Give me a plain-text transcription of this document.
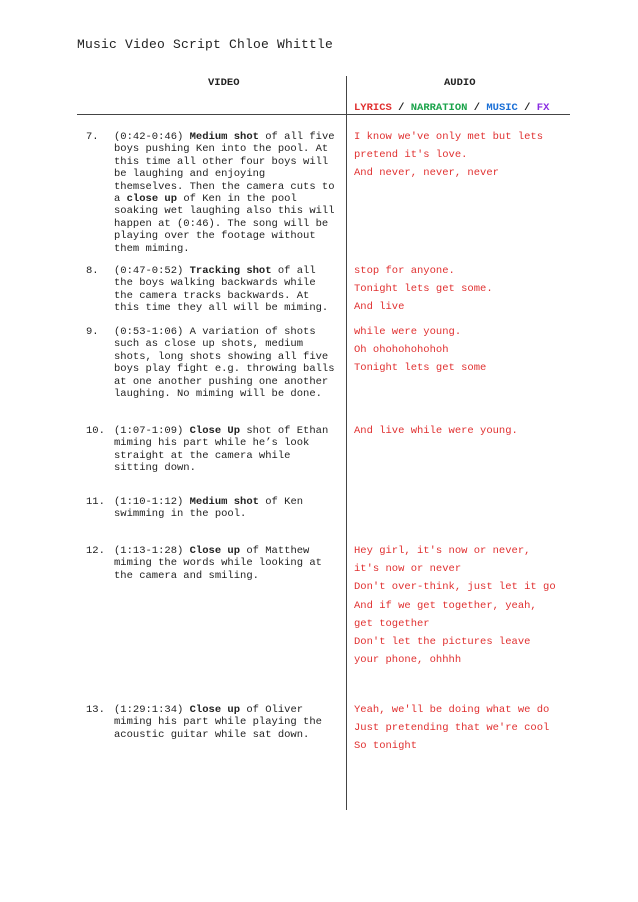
Music Video Script Chloe Whittle
VIDEO	AUDIO
LYRICS / NARRATION / MUSIC / FX
7. (0:42-0:46) Medium shot of all five
boys pushing Ken into the pool. At
this time all other four boys will
be laughing and enjoying
themselves. Then the camera cuts to
a close up of Ken in the pool
soaking wet laughing also this will
happen at (0:46). The song will be
playing over the footage without
them miming.
I know we've only met but lets
pretend it's love.
And never, never, never
8. (0:47-0:52) Tracking shot of all
the boys walking backwards while
the camera tracks backwards. At
this time they all will be miming.
stop for anyone.
Tonight lets get some.
And live
9. (0:53-1:06) A variation of shots
such as close up shots, medium
shots, long shots showing all five
boys play fight e.g. throwing balls
at one another pushing one another
laughing. No miming will be done.
while were young.
Oh ohohohohohoh
Tonight lets get some
10. (1:07-1:09) Close Up shot of Ethan
miming his part while he’s look
straight at the camera while
sitting down.
And live while were young.
11. (1:10-1:12) Medium shot of Ken
swimming in the pool.
12. (1:13-1:28) Close up of Matthew
miming the words while looking at
the camera and smiling.
Hey girl, it's now or never,
it's now or never
Don't over-think, just let it go
And if we get together, yeah,
get together
Don't let the pictures leave
your phone, ohhhh
13. (1:29:1:34) Close up of Oliver
miming his part while playing the
acoustic guitar while sat down.
Yeah, we'll be doing what we do
Just pretending that we're cool
So tonight
